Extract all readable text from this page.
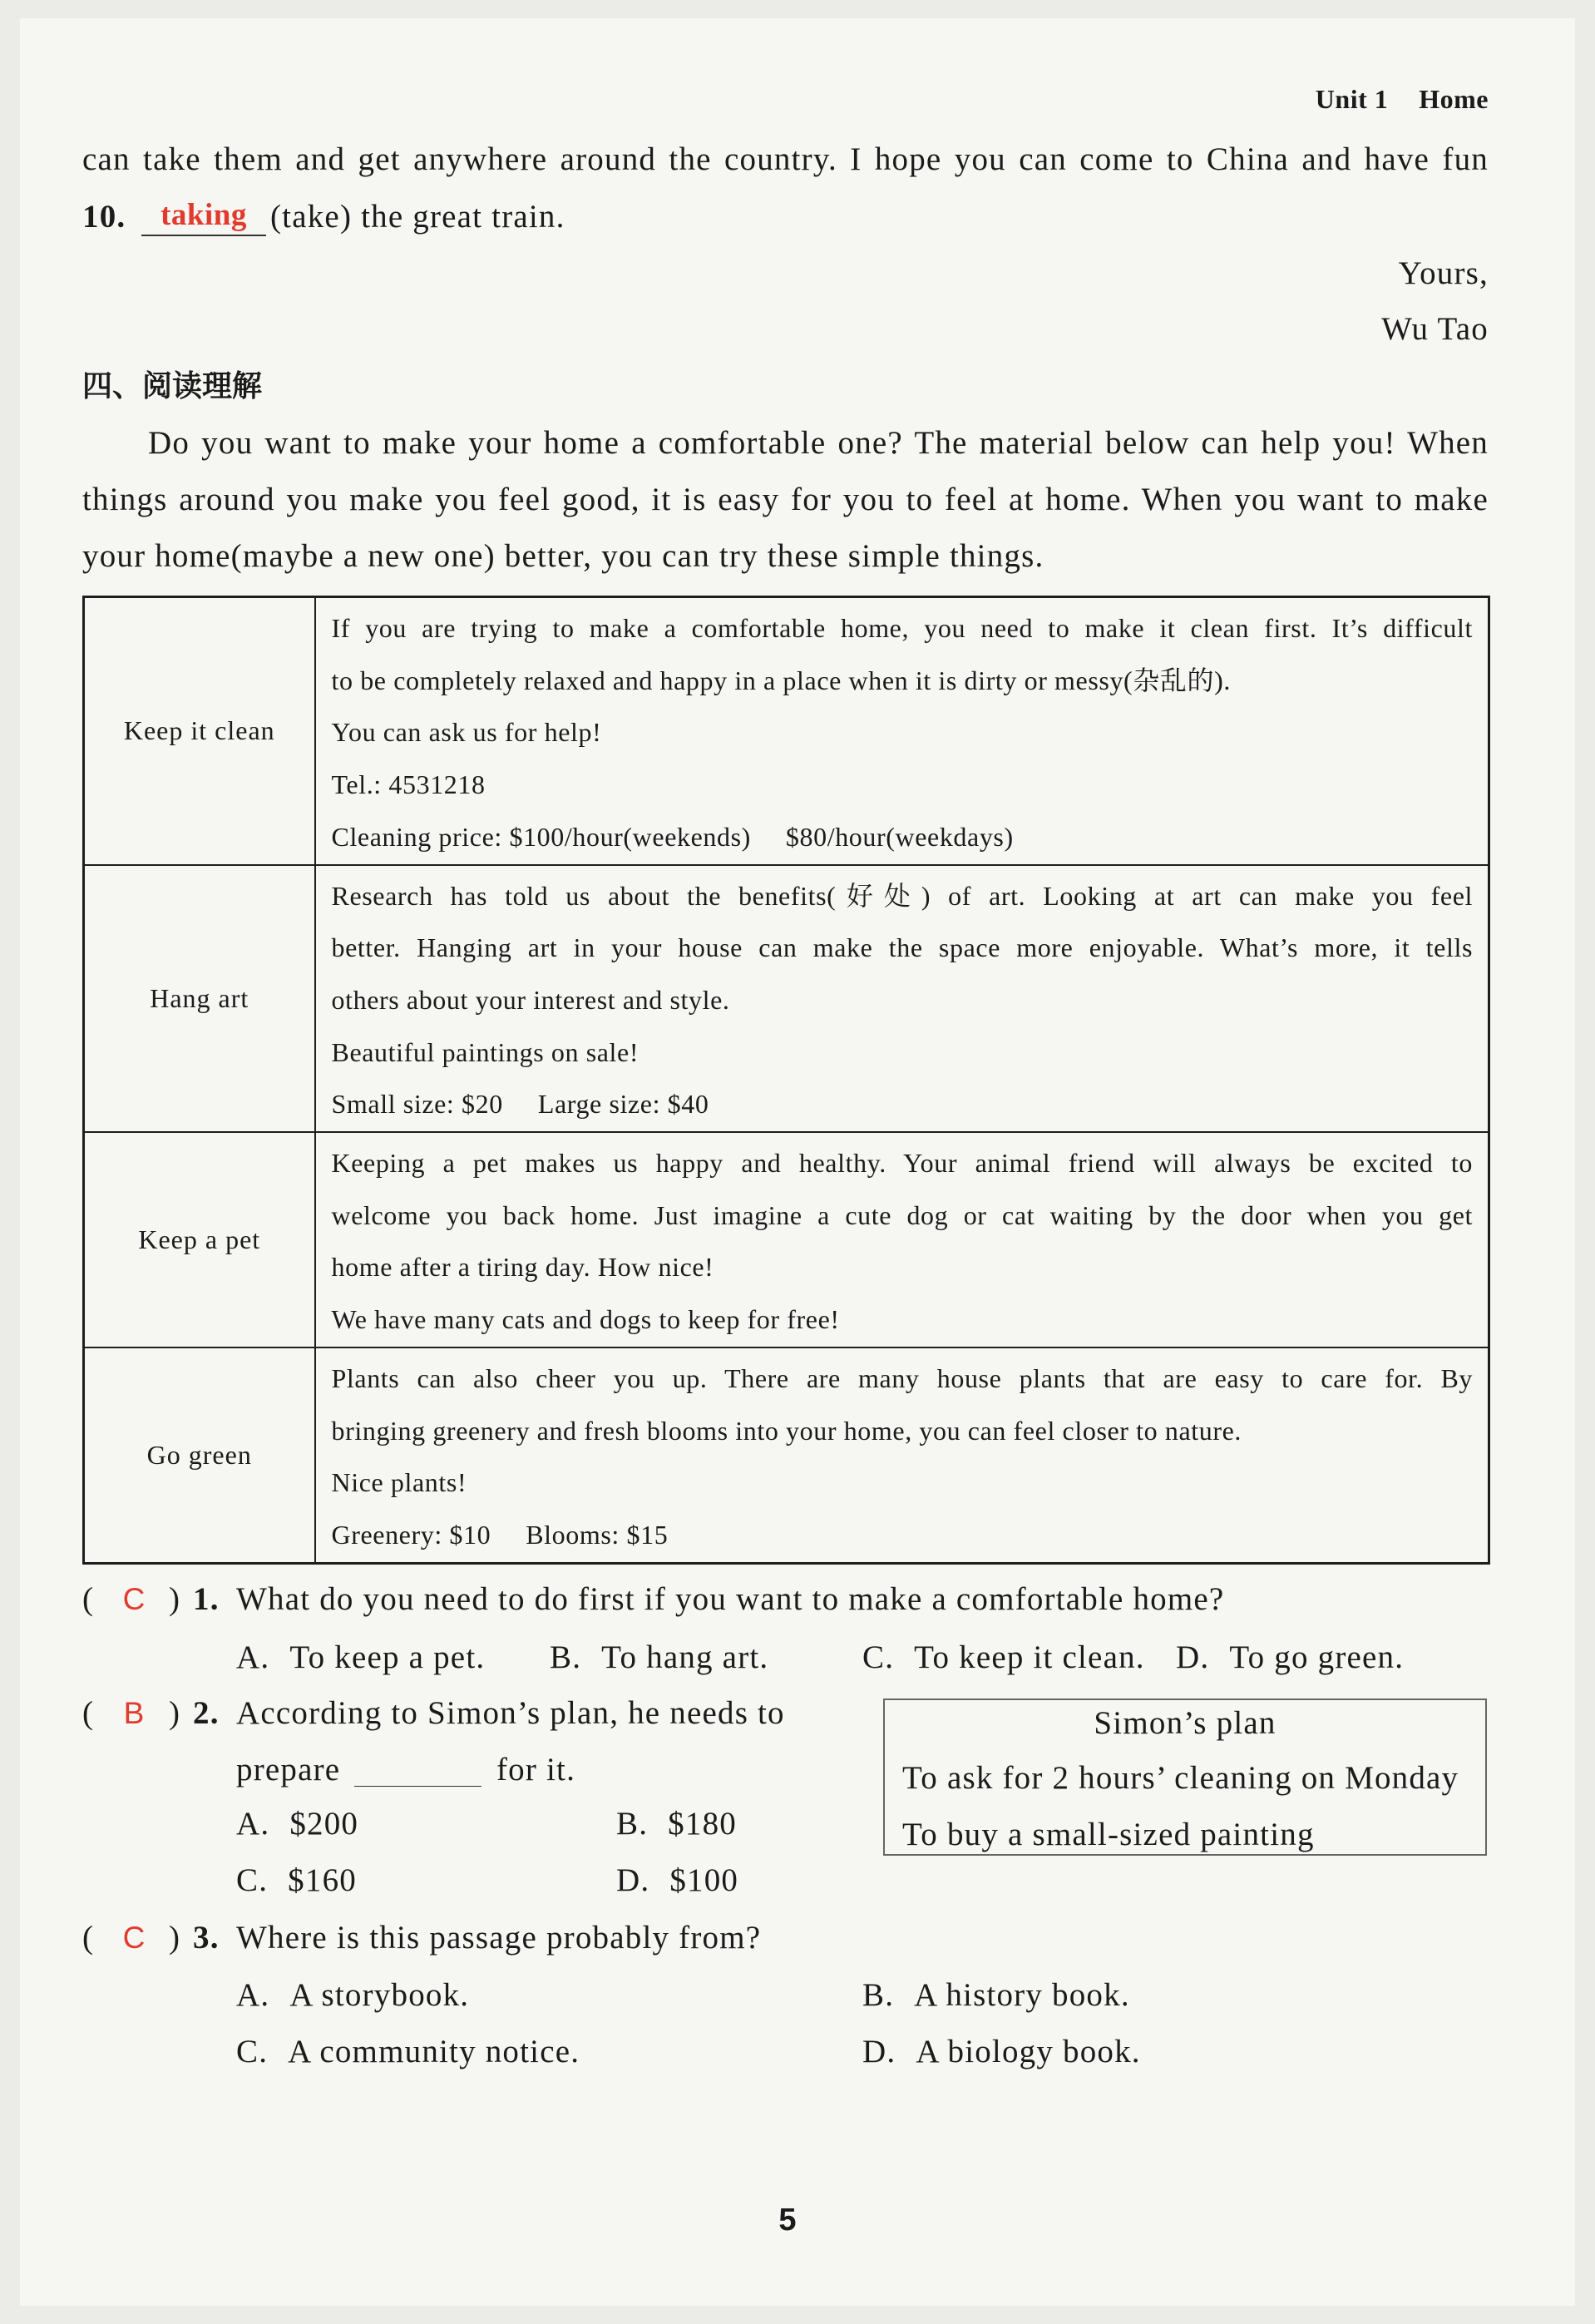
Unit 1 Home
can take them and get anywhere around the country. I hope you can come to China and have fun
10.	taking (take) the great train.
Yours,
Wu Tao
四、阅读理解
Do you want to make your home a comfortable one? The material below can help you! When
things around you make you feel good, it is easy for you to feel at home. When you want to make
your home(maybe a new one) better, you can try these simple things.
Keep it clean	If you are trying to make a comfortable home, you need to make it clean first. It’s difficult
to be completely relaxed and happy in a place when it is dirty or messy(杂乱的).
You can ask us for help!
Tel.: 4531218
Cleaning price: $100/hour(weekends) $80/hour(weekdays)

Hang art	Research has told us about the benefits(好处) of art. Looking at art can make you feel
better. Hanging art in your house can make the space more enjoyable. What’s more, it tells
others about your interest and style.
Beautiful paintings on sale!
Small size: $20 Large size: $40

Keep a pet	Keeping a pet makes us happy and healthy. Your animal friend will always be excited to
welcome you back home. Just imagine a cute dog or cat waiting by the door when you get
home after a tiring day. How nice!
We have many cats and dogs to keep for free!

Go green	Plants can also cheer you up. There are many house plants that are easy to care for. By
bringing greenery and fresh blooms into your home, you can feel closer to nature.
Nice plants!
Greenery: $10 Blooms: $15
( C ) 1. What do you need to do first if you want to make a comfortable home?
A. To keep a pet. B. To hang art.	C. To keep it clean. D. To go green.
( B ) 2. According to Simon’s plan, he needs to
prepare	for it.
A. $200	B. $180
C. $160	D. $100
Simon’s plan
To ask for 2 hours’ cleaning on Monday
To buy a small-sized painting
( C ) 3. Where is this passage probably from?
A. A storybook.	B. A history book.
C. A community notice.	D. A biology book.
5
